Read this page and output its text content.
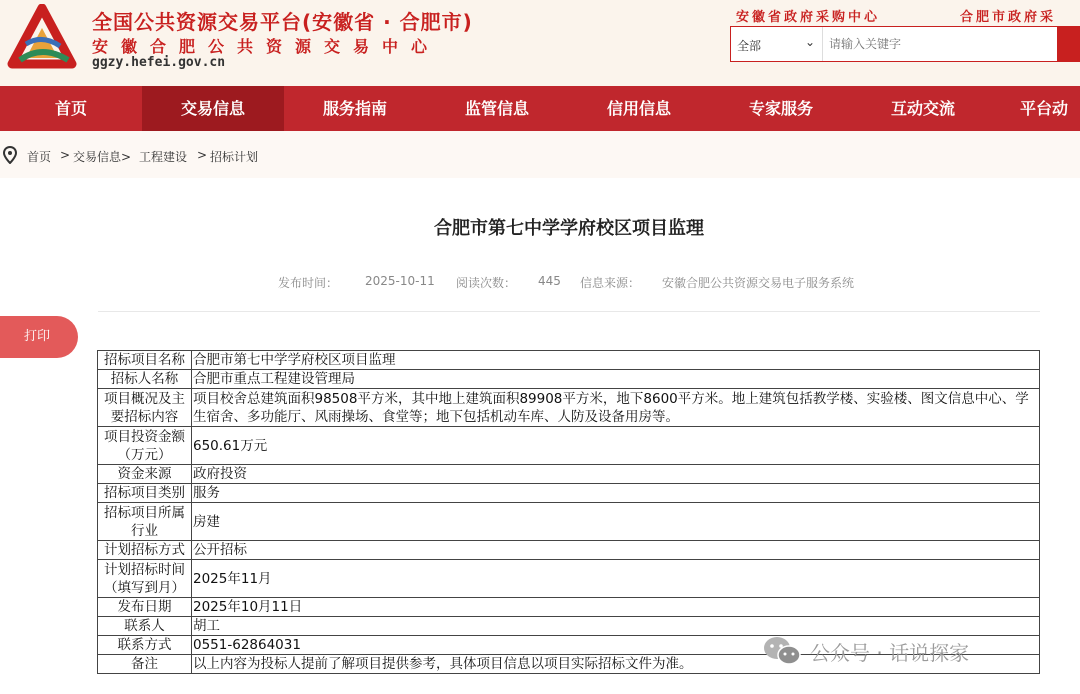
全国公共资源交易平台(安徽省 · 合肥市)
安徽合肥公共资源交易中心
ggzy.hefei.gov.cn
安徽省政府采购中心	合肥市政府采
全部	⌄
请输入关键字
首页	交易信息	服务指南	监管信息	信用信息	专家服务	互动交流	平台动
首页 > 交易信息> 工程建设 > 招标计划
合肥市第七中学学府校区项目监理
发布时间： 2025-10-11 阅读次数： 445 信息来源： 安徽合肥公共资源交易电子服务系统
打印
招标项目名称	合肥市第七中学学府校区项目监理
招标人名称	合肥市重点工程建设管理局
项目概况及主要招标内容	项目校舍总建筑面积98508平方米，其中地上建筑面积89908平方米，地下8600平方米。地上建筑包括教学楼、实验楼、图文信息中心、学生宿舍、多功能厅、风雨操场、食堂等；地下包括机动车库、人防及设备用房等。
项目投资金额（万元）	650.61万元
资金来源	政府投资
招标项目类别	服务
招标项目所属行业	房建
计划招标方式	公开招标
计划招标时间（填写到月）	2025年11月
发布日期	2025年10月11日
联系人	胡工
联系方式	0551-62864031
备注	以上内容为投标人提前了解项目提供参考，具体项目信息以项目实际招标文件为准。	公众号 · 话说探家
